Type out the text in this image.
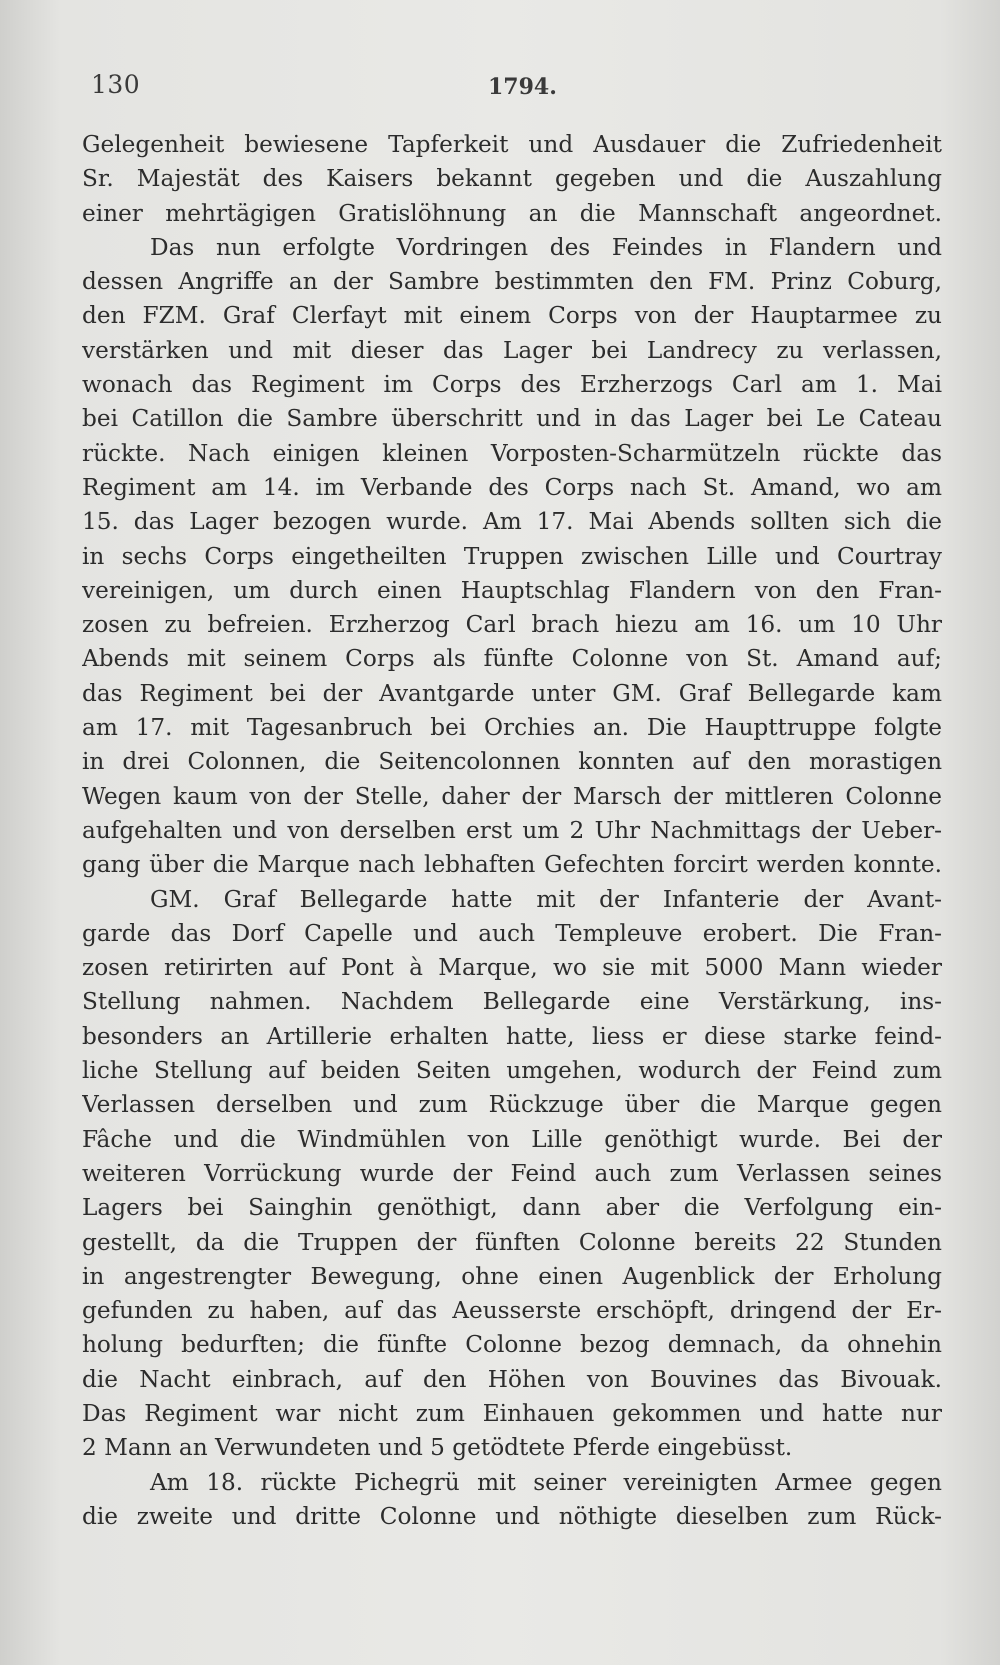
130	1794.

Gelegenheit bewiesene Tapferkeit und Ausdauer die Zufriedenheit
Sr. Majestät des Kaisers bekannt gegeben und die Auszahlung
einer mehrtägigen Gratislöhnung an die Mannschaft angeordnet.

Das nun erfolgte Vordringen des Feindes in Flandern und
dessen Angriffe an der Sambre bestimmten den FM. Prinz Coburg,
den FZM. Graf Clerfayt mit einem Corps von der Hauptarmee zu
verstärken und mit dieser das Lager bei Landrecy zu verlassen,
wonach das Regiment im Corps des Erzherzogs Carl am 1. Mai
bei Catillon die Sambre überschritt und in das Lager bei Le Cateau
rückte. Nach einigen kleinen Vorposten-Scharmützeln rückte das
Regiment am 14. im Verbande des Corps nach St. Amand, wo am
15. das Lager bezogen wurde. Am 17. Mai Abends sollten sich die
in sechs Corps eingetheilten Truppen zwischen Lille und Courtray
vereinigen, um durch einen Hauptschlag Flandern von den Fran-
zosen zu befreien. Erzherzog Carl brach hiezu am 16. um 10 Uhr
Abends mit seinem Corps als fünfte Colonne von St. Amand auf;
das Regiment bei der Avantgarde unter GM. Graf Bellegarde kam
am 17. mit Tagesanbruch bei Orchies an. Die Haupttruppe folgte
in drei Colonnen, die Seitencolonnen konnten auf den morastigen
Wegen kaum von der Stelle, daher der Marsch der mittleren Colonne
aufgehalten und von derselben erst um 2 Uhr Nachmittags der Ueber-
gang über die Marque nach lebhaften Gefechten forcirt werden konnte.

GM. Graf Bellegarde hatte mit der Infanterie der Avant-
garde das Dorf Capelle und auch Templeuve erobert. Die Fran-
zosen retirirten auf Pont à Marque, wo sie mit 5000 Mann wieder
Stellung nahmen. Nachdem Bellegarde eine Verstärkung, ins-
besonders an Artillerie erhalten hatte, liess er diese starke feind-
liche Stellung auf beiden Seiten umgehen, wodurch der Feind zum
Verlassen derselben und zum Rückzuge über die Marque gegen
Fâche und die Windmühlen von Lille genöthigt wurde. Bei der
weiteren Vorrückung wurde der Feind auch zum Verlassen seines
Lagers bei Sainghin genöthigt, dann aber die Verfolgung ein-
gestellt, da die Truppen der fünften Colonne bereits 22 Stunden
in angestrengter Bewegung, ohne einen Augenblick der Erholung
gefunden zu haben, auf das Aeusserste erschöpft, dringend der Er-
holung bedurften; die fünfte Colonne bezog demnach, da ohnehin
die Nacht einbrach, auf den Höhen von Bouvines das Bivouak.
Das Regiment war nicht zum Einhauen gekommen und hatte nur
2 Mann an Verwundeten und 5 getödtete Pferde eingebüsst.

Am 18. rückte Pichegrü mit seiner vereinigten Armee gegen
die zweite und dritte Colonne und nöthigte dieselben zum Rück-
